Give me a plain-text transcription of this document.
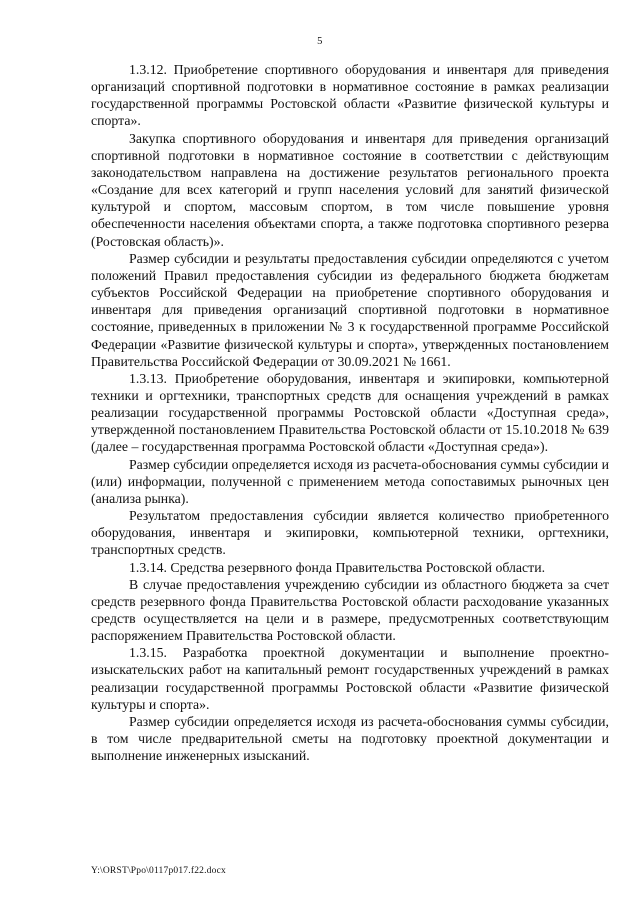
5

1.3.12. Приобретение спортивного оборудования и инвентаря для приведения организаций спортивной подготовки в нормативное состояние в рамках реализации государственной программы Ростовской области «Развитие физической культуры и спорта».

Закупка спортивного оборудования и инвентаря для приведения организаций спортивной подготовки в нормативное состояние в соответствии с действующим законодательством направлена на достижение результатов регионального проекта «Создание для всех категорий и групп населения условий для занятий физической культурой и спортом, массовым спортом, в том числе повышение уровня обеспеченности населения объектами спорта, а также подготовка спортивного резерва (Ростовская область)».

Размер субсидии и результаты предоставления субсидии определяются с учетом положений Правил предоставления субсидии из федерального бюджета бюджетам субъектов Российской Федерации на приобретение спортивного оборудования и инвентаря для приведения организаций спортивной подготовки в нормативное состояние, приведенных в приложении № 3 к государственной программе Российской Федерации «Развитие физической культуры и спорта», утвержденных постановлением Правительства Российской Федерации от 30.09.2021 № 1661.

1.3.13. Приобретение оборудования, инвентаря и экипировки, компьютерной техники и оргтехники, транспортных средств для оснащения учреждений в рамках реализации государственной программы Ростовской области «Доступная среда», утвержденной постановлением Правительства Ростовской области от 15.10.2018 № 639 (далее – государственная программа Ростовской области «Доступная среда»).

Размер субсидии определяется исходя из расчета-обоснования суммы субсидии и (или) информации, полученной с применением метода сопоставимых рыночных цен (анализа рынка).

Результатом предоставления субсидии является количество приобретенного оборудования, инвентаря и экипировки, компьютерной техники, оргтехники, транспортных средств.

1.3.14. Средства резервного фонда Правительства Ростовской области.

В случае предоставления учреждению субсидии из областного бюджета за счет средств резервного фонда Правительства Ростовской области расходование указанных средств осуществляется на цели и в размере, предусмотренных соответствующим распоряжением Правительства Ростовской области.

1.3.15. Разработка проектной документации и выполнение проектно-изыскательских работ на капитальный ремонт государственных учреждений в рамках реализации государственной программы Ростовской области «Развитие физической культуры и спорта».

Размер субсидии определяется исходя из расчета-обоснования суммы субсидии, в том числе предварительной сметы на подготовку проектной документации и выполнение инженерных изысканий.

Y:\ORST\Ppo\0117p017.f22.docx
